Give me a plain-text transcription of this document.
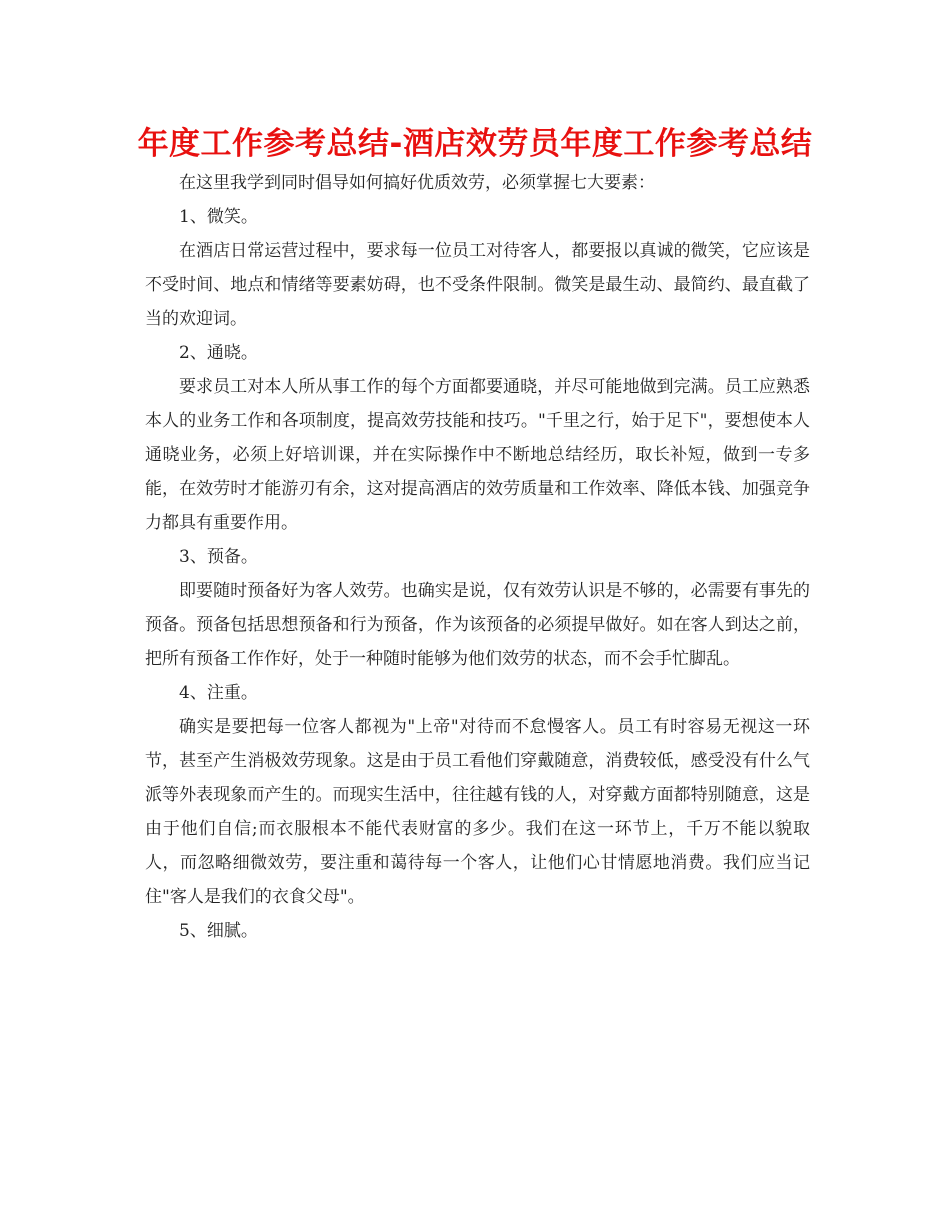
年度工作参考总结-酒店效劳员年度工作参考总结

在这里我学到同时倡导如何搞好优质效劳，必须掌握七大要素：

1、微笑。

在酒店日常运营过程中，要求每一位员工对待客人，都要报以真诚的微笑，它应该是不受时间、地点和情绪等要素妨碍，也不受条件限制。微笑是最生动、最简约、最直截了当的欢迎词。

2、通晓。

要求员工对本人所从事工作的每个方面都要通晓，并尽可能地做到完满。员工应熟悉本人的业务工作和各项制度，提高效劳技能和技巧。"千里之行，始于足下"，要想使本人通晓业务，必须上好培训课，并在实际操作中不断地总结经历，取长补短，做到一专多能，在效劳时才能游刃有余，这对提高酒店的效劳质量和工作效率、降低本钱、加强竞争力都具有重要作用。

3、预备。

即要随时预备好为客人效劳。也确实是说，仅有效劳认识是不够的，必需要有事先的预备。预备包括思想预备和行为预备，作为该预备的必须提早做好。如在客人到达之前，把所有预备工作作好，处于一种随时能够为他们效劳的状态，而不会手忙脚乱。

4、注重。

确实是要把每一位客人都视为"上帝"对待而不怠慢客人。员工有时容易无视这一环节，甚至产生消极效劳现象。这是由于员工看他们穿戴随意，消费较低，感受没有什么气派等外表现象而产生的。而现实生活中，往往越有钱的人，对穿戴方面都特别随意，这是由于他们自信;而衣服根本不能代表财富的多少。我们在这一环节上，千万不能以貌取人，而忽略细微效劳，要注重和蔼待每一个客人，让他们心甘情愿地消费。我们应当记住"客人是我们的衣食父母"。

5、细腻。
